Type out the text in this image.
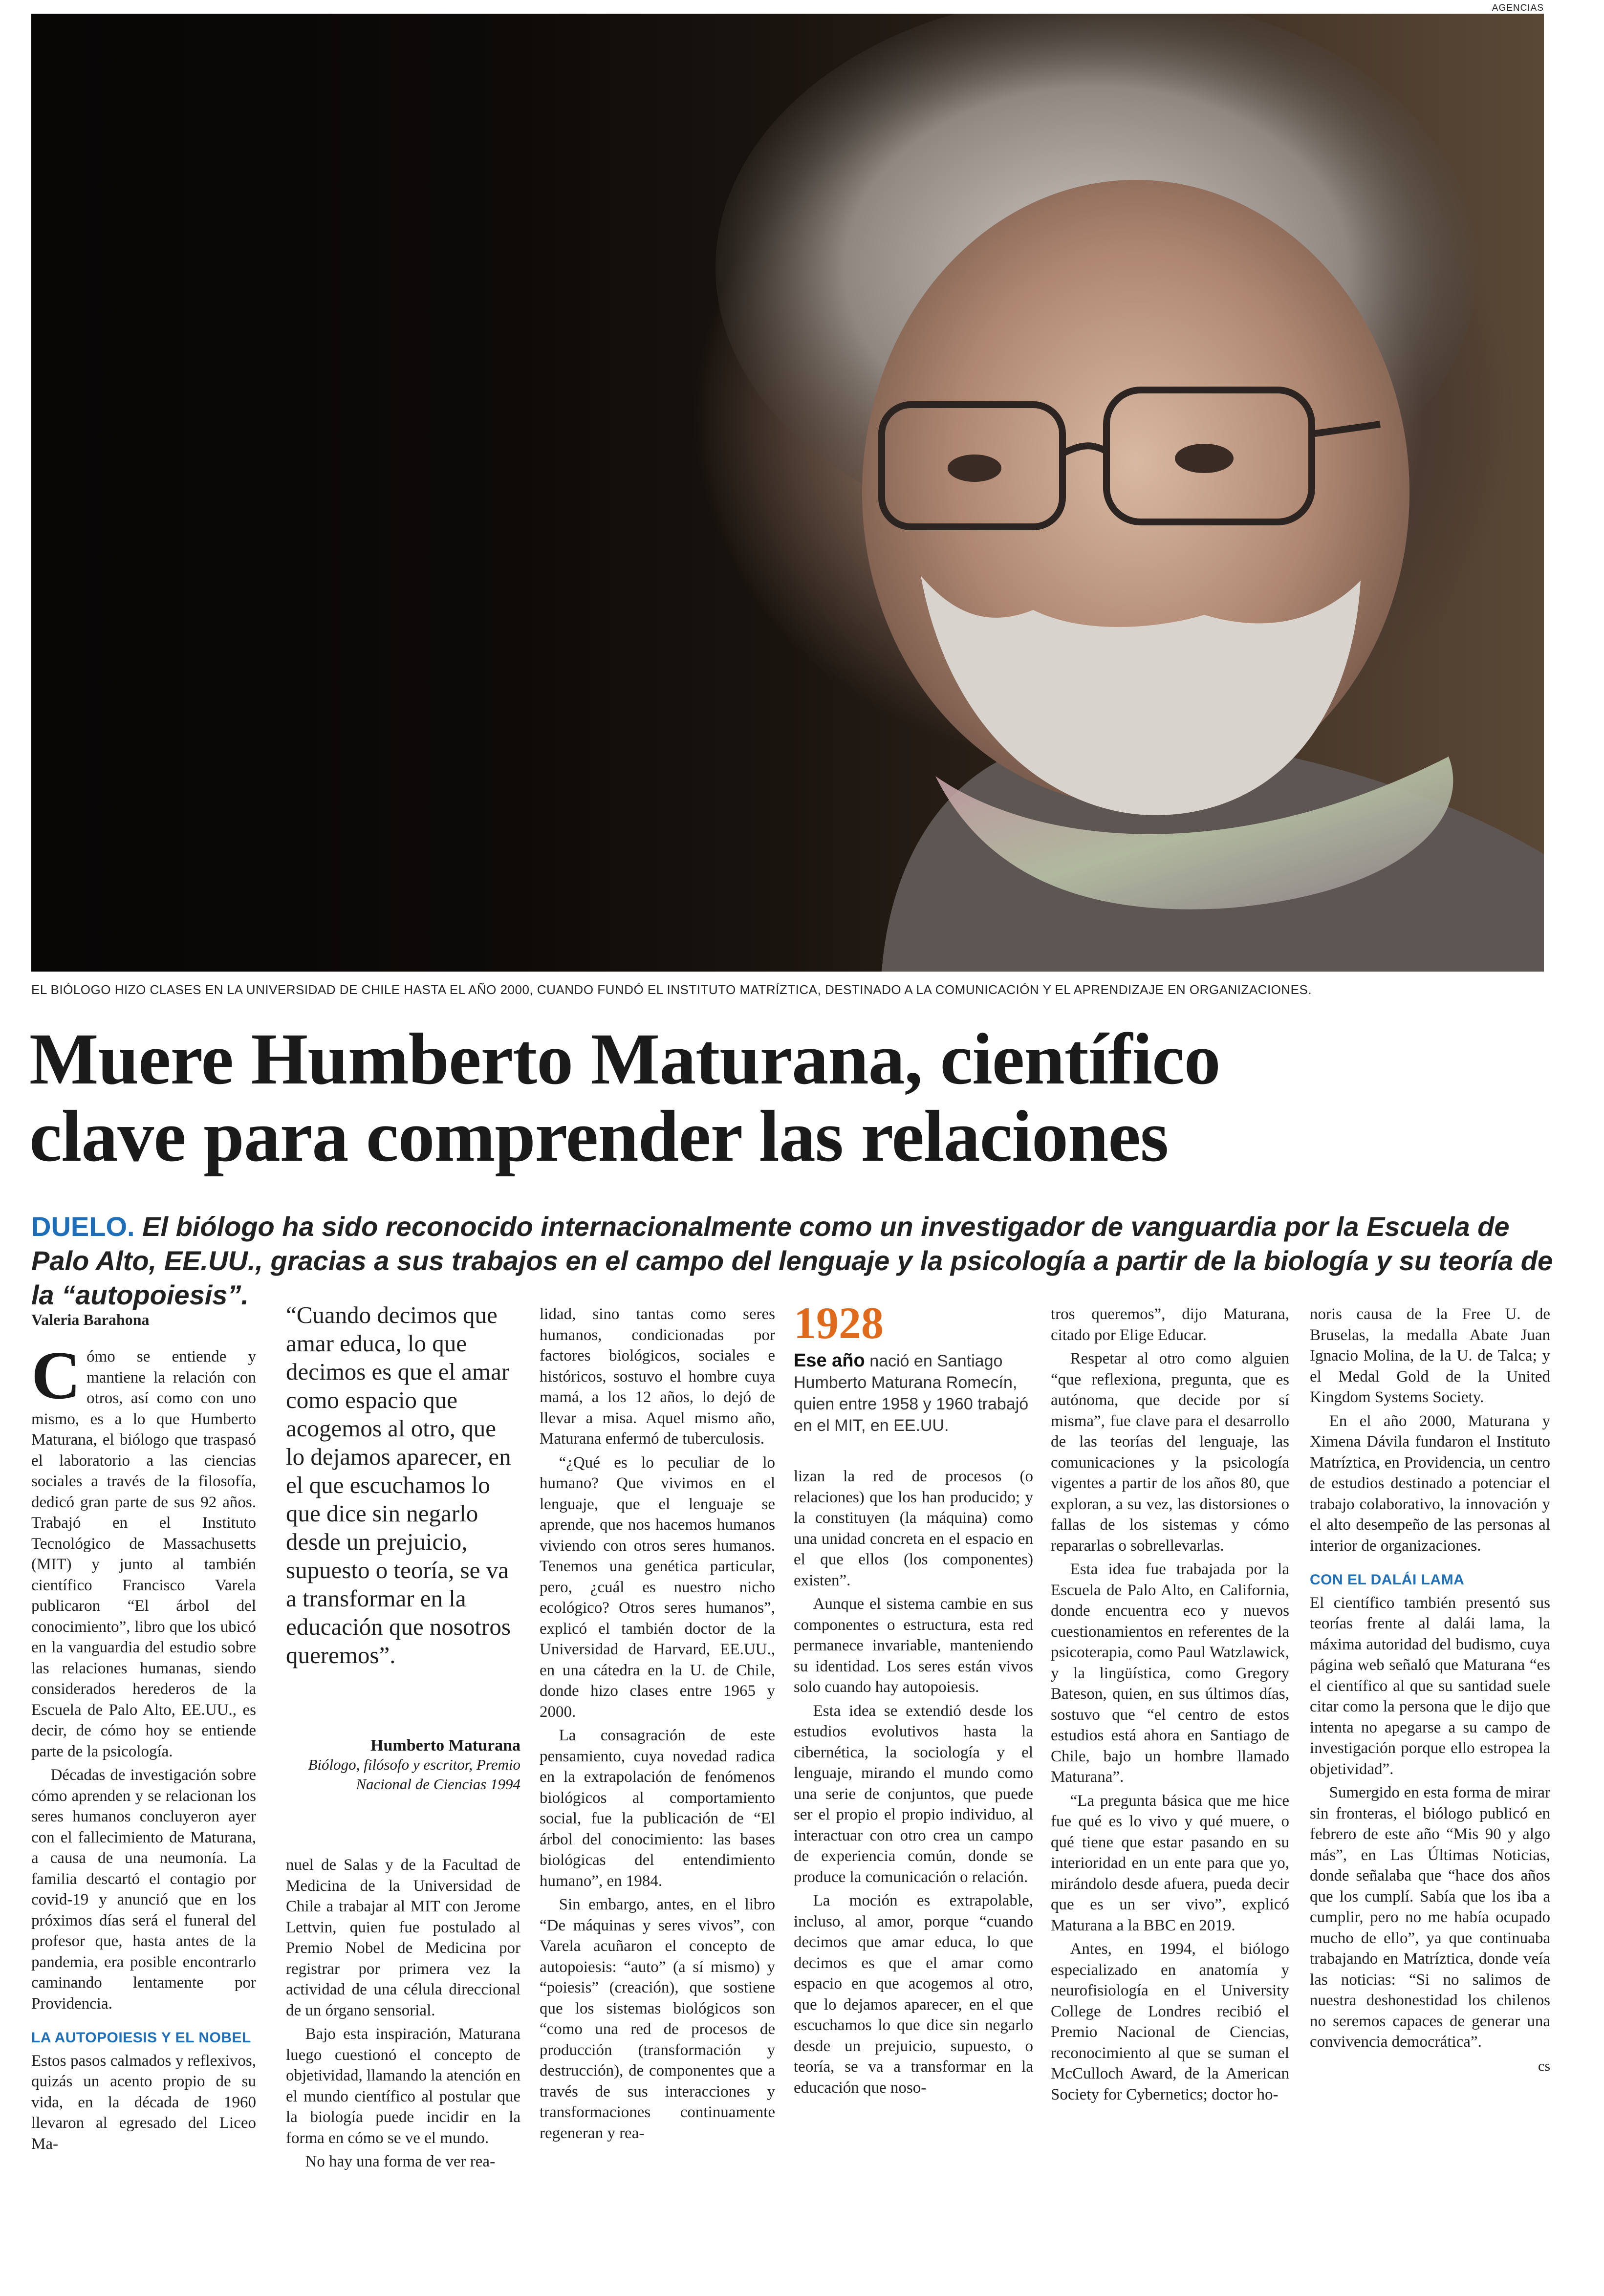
AGENCIAS
EL BIÓLOGO HIZO CLASES EN LA UNIVERSIDAD DE CHILE HASTA EL AÑO 2000, CUANDO FUNDÓ EL INSTITUTO MATRÍZTICA, DESTINADO A LA COMUNICACIÓN Y EL APRENDIZAJE EN ORGANIZACIONES.
Muere Humberto Maturana, científico
clave para comprender las relaciones
DUELO. El biólogo ha sido reconocido internacionalmente como un investigador de vanguardia por la Escuela de Palo Alto, EE.UU., gracias a sus trabajos en el campo del lenguaje y la psicología a partir de la biología y su teoría de la “autopoiesis”.
Valeria Barahona

Cómo se entiende y mantiene la relación con otros, así como con uno mismo, es a lo que Humberto Maturana, el biólogo que traspasó el laboratorio a las ciencias sociales a través de la filosofía, dedicó gran parte de sus 92 años. Trabajó en el Instituto Tecnológico de Massachusetts (MIT) y junto al también científico Francisco Varela publicaron “El árbol del conocimiento”, libro que los ubicó en la vanguardia del estudio sobre las relaciones humanas, siendo considerados herederos de la Escuela de Palo Alto, EE.UU., es decir, de cómo hoy se entiende parte de la psicología.

Décadas de investigación sobre cómo aprenden y se relacionan los seres humanos concluyeron ayer con el fallecimiento de Maturana, a causa de una neumonía. La familia descartó el contagio por covid-19 y anunció que en los próximos días será el funeral del profesor que, hasta antes de la pandemia, era posible encontrarlo caminando lentamente por Providencia.

LA AUTOPOIESIS Y EL NOBEL

Estos pasos calmados y reflexivos, quizás un acento propio de su vida, en la década de 1960 llevaron al egresado del Liceo Ma-

“Cuando decimos que amar educa, lo que decimos es que el amar como espacio que acogemos al otro, que lo dejamos aparecer, en el que escuchamos lo que dice sin negarlo desde un prejuicio, supuesto o teoría, se va a transformar en la educación que nosotros queremos”.
Humberto Maturana
Biólogo, filósofo y escritor, Premio Nacional de Ciencias 1994

nuel de Salas y de la Facultad de Medicina de la Universidad de Chile a trabajar al MIT con Jerome Lettvin, quien fue postulado al Premio Nobel de Medicina por registrar por primera vez la actividad de una célula direccional de un órgano sensorial.

Bajo esta inspiración, Maturana luego cuestionó el concepto de objetividad, llamando la atención en el mundo científico al postular que la biología puede incidir en la forma en cómo se ve el mundo.

No hay una forma de ver rea-

lidad, sino tantas como seres humanos, condicionadas por factores biológicos, sociales e históricos, sostuvo el hombre cuya mamá, a los 12 años, lo dejó de llevar a misa. Aquel mismo año, Maturana enfermó de tuberculosis.

“¿Qué es lo peculiar de lo humano? Que vivimos en el lenguaje, que el lenguaje se aprende, que nos hacemos humanos viviendo con otros seres humanos. Tenemos una genética particular, pero, ¿cuál es nuestro nicho ecológico? Otros seres humanos”, explicó el también doctor de la Universidad de Harvard, EE.UU., en una cátedra en la U. de Chile, donde hizo clases entre 1965 y 2000.

La consagración de este pensamiento, cuya novedad radica en la extrapolación de fenómenos biológicos al comportamiento social, fue la publicación de “El árbol del conocimiento: las bases biológicas del entendimiento humano”, en 1984.

Sin embargo, antes, en el libro “De máquinas y seres vivos”, con Varela acuñaron el concepto de autopoiesis: “auto” (a sí mismo) y “poiesis” (creación), que sostiene que los sistemas biológicos son “como una red de procesos de producción (transformación y destrucción), de componentes que a través de sus interacciones y transformaciones continuamente regeneran y rea-

1928
Ese año nació en Santiago Humberto Maturana Romecín, quien entre 1958 y 1960 trabajó en el MIT, en EE.UU.

lizan la red de procesos (o relaciones) que los han producido; y la constituyen (la máquina) como una unidad concreta en el espacio en el que ellos (los componentes) existen”.

Aunque el sistema cambie en sus componentes o estructura, esta red permanece invariable, manteniendo su identidad. Los seres están vivos solo cuando hay autopoiesis.

Esta idea se extendió desde los estudios evolutivos hasta la cibernética, la sociología y el lenguaje, mirando el mundo como una serie de conjuntos, que puede ser el propio el propio individuo, al interactuar con otro crea un campo de experiencia común, donde se produce la comunicación o relación.

La moción es extrapolable, incluso, al amor, porque “cuando decimos que amar educa, lo que decimos es que el amar como espacio en que acogemos al otro, que lo dejamos aparecer, en el que escuchamos lo que dice sin negarlo desde un prejuicio, supuesto, o teoría, se va a transformar en la educación que noso-

tros queremos”, dijo Maturana, citado por Elige Educar.

Respetar al otro como alguien “que reflexiona, pregunta, que es autónoma, que decide por sí misma”, fue clave para el desarrollo de las teorías del lenguaje, las comunicaciones y la psicología vigentes a partir de los años 80, que exploran, a su vez, las distorsiones o fallas de los sistemas y cómo repararlas o sobrellevarlas.

Esta idea fue trabajada por la Escuela de Palo Alto, en California, donde encuentra eco y nuevos cuestionamientos en referentes de la psicoterapia, como Paul Watzlawick, y la lingüística, como Gregory Bateson, quien, en sus últimos días, sostuvo que “el centro de estos estudios está ahora en Santiago de Chile, bajo un hombre llamado Maturana”.

“La pregunta básica que me hice fue qué es lo vivo y qué muere, o qué tiene que estar pasando en su interioridad en un ente para que yo, mirándolo desde afuera, pueda decir que es un ser vivo”, explicó Maturana a la BBC en 2019.

Antes, en 1994, el biólogo especializado en anatomía y neurofisiología en el University College de Londres recibió el Premio Nacional de Ciencias, reconocimiento al que se suman el McCulloch Award, de la American Society for Cybernetics; doctor ho-

noris causa de la Free U. de Bruselas, la medalla Abate Juan Ignacio Molina, de la U. de Talca; y el Medal Gold de la United Kingdom Systems Society.

En el año 2000, Maturana y Ximena Dávila fundaron el Instituto Matríztica, en Providencia, un centro de estudios destinado a potenciar el trabajo colaborativo, la innovación y el alto desempeño de las personas al interior de organizaciones.

CON EL DALÁI LAMA

El científico también presentó sus teorías frente al dalái lama, la máxima autoridad del budismo, cuya página web señaló que Maturana “es el científico al que su santidad suele citar como la persona que le dijo que intenta no apegarse a su campo de investigación porque ello estropea la objetividad”.

Sumergido en esta forma de mirar sin fronteras, el biólogo publicó en febrero de este año “Mis 90 y algo más”, en Las Últimas Noticias, donde señalaba que “hace dos años que los cumplí. Sabía que los iba a cumplir, pero no me había ocupado mucho de ello”, ya que continuaba trabajando en Matríztica, donde veía las noticias: “Si no salimos de nuestra deshonestidad los chilenos no seremos capaces de generar una convivencia democrática”.

cs
